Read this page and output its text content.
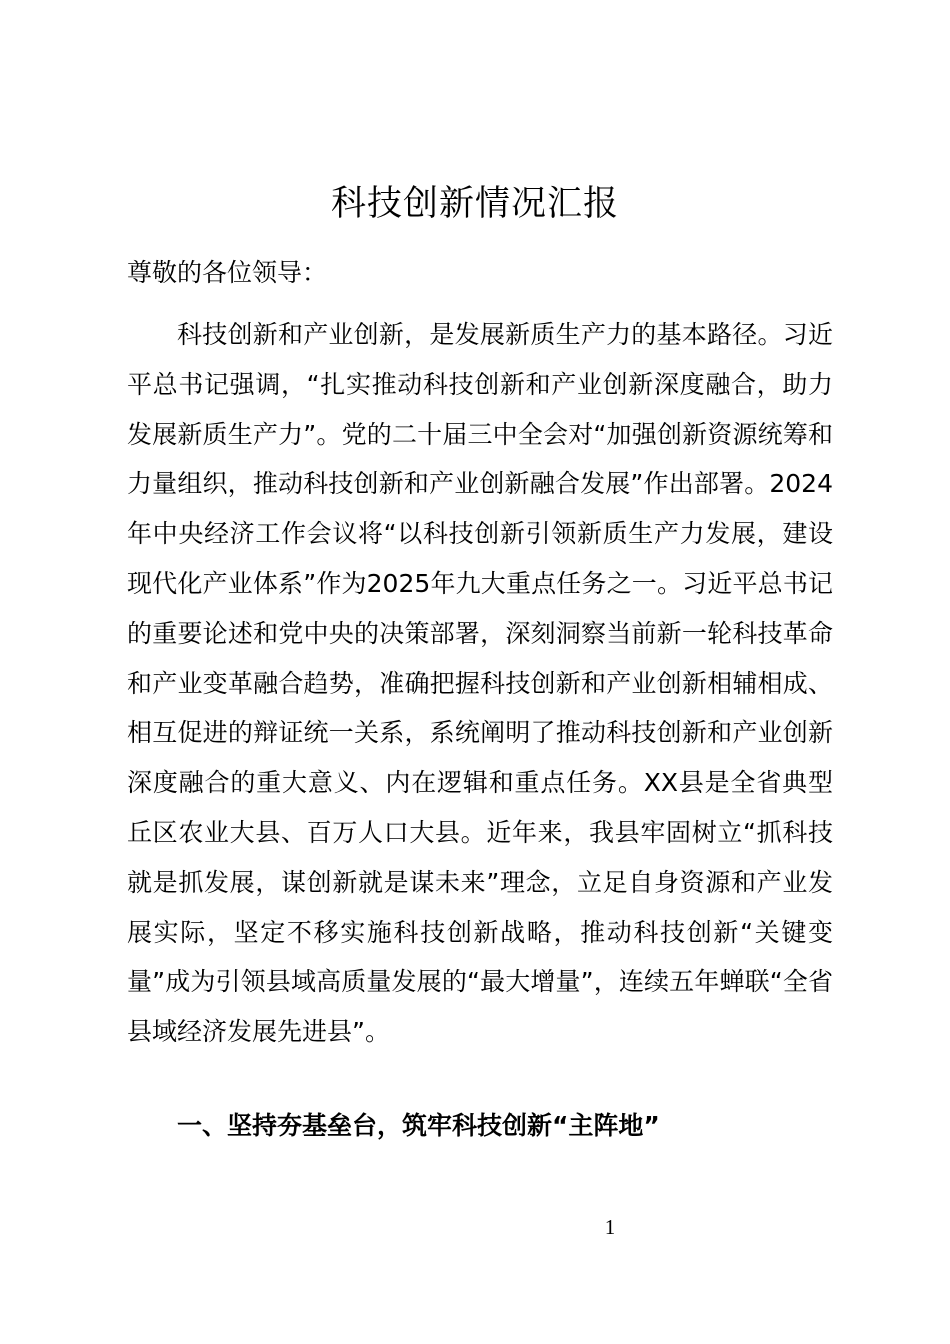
科技创新情况汇报
尊敬的各位领导：

科技创新和产业创新，是发展新质生产力的基本路径。习近平总书记强调，“扎实推动科技创新和产业创新深度融合，助力发展新质生产力”。党的二十届三中全会对“加强创新资源统筹和力量组织，推动科技创新和产业创新融合发展”作出部署。2024年中央经济工作会议将“以科技创新引领新质生产力发展，建设现代化产业体系”作为2025年九大重点任务之一。习近平总书记的重要论述和党中央的决策部署，深刻洞察当前新一轮科技革命和产业变革融合趋势，准确把握科技创新和产业创新相辅相成、相互促进的辩证统一关系，系统阐明了推动科技创新和产业创新深度融合的重大意义、内在逻辑和重点任务。XX县是全省典型丘区农业大县、百万人口大县。近年来，我县牢固树立“抓科技就是抓发展，谋创新就是谋未来”理念，立足自身资源和产业发展实际，坚定不移实施科技创新战略，推动科技创新“关键变量”成为引领县域高质量发展的“最大增量”，连续五年蝉联“全省县域经济发展先进县”。

一、坚持夯基垒台，筑牢科技创新“主阵地”
1
